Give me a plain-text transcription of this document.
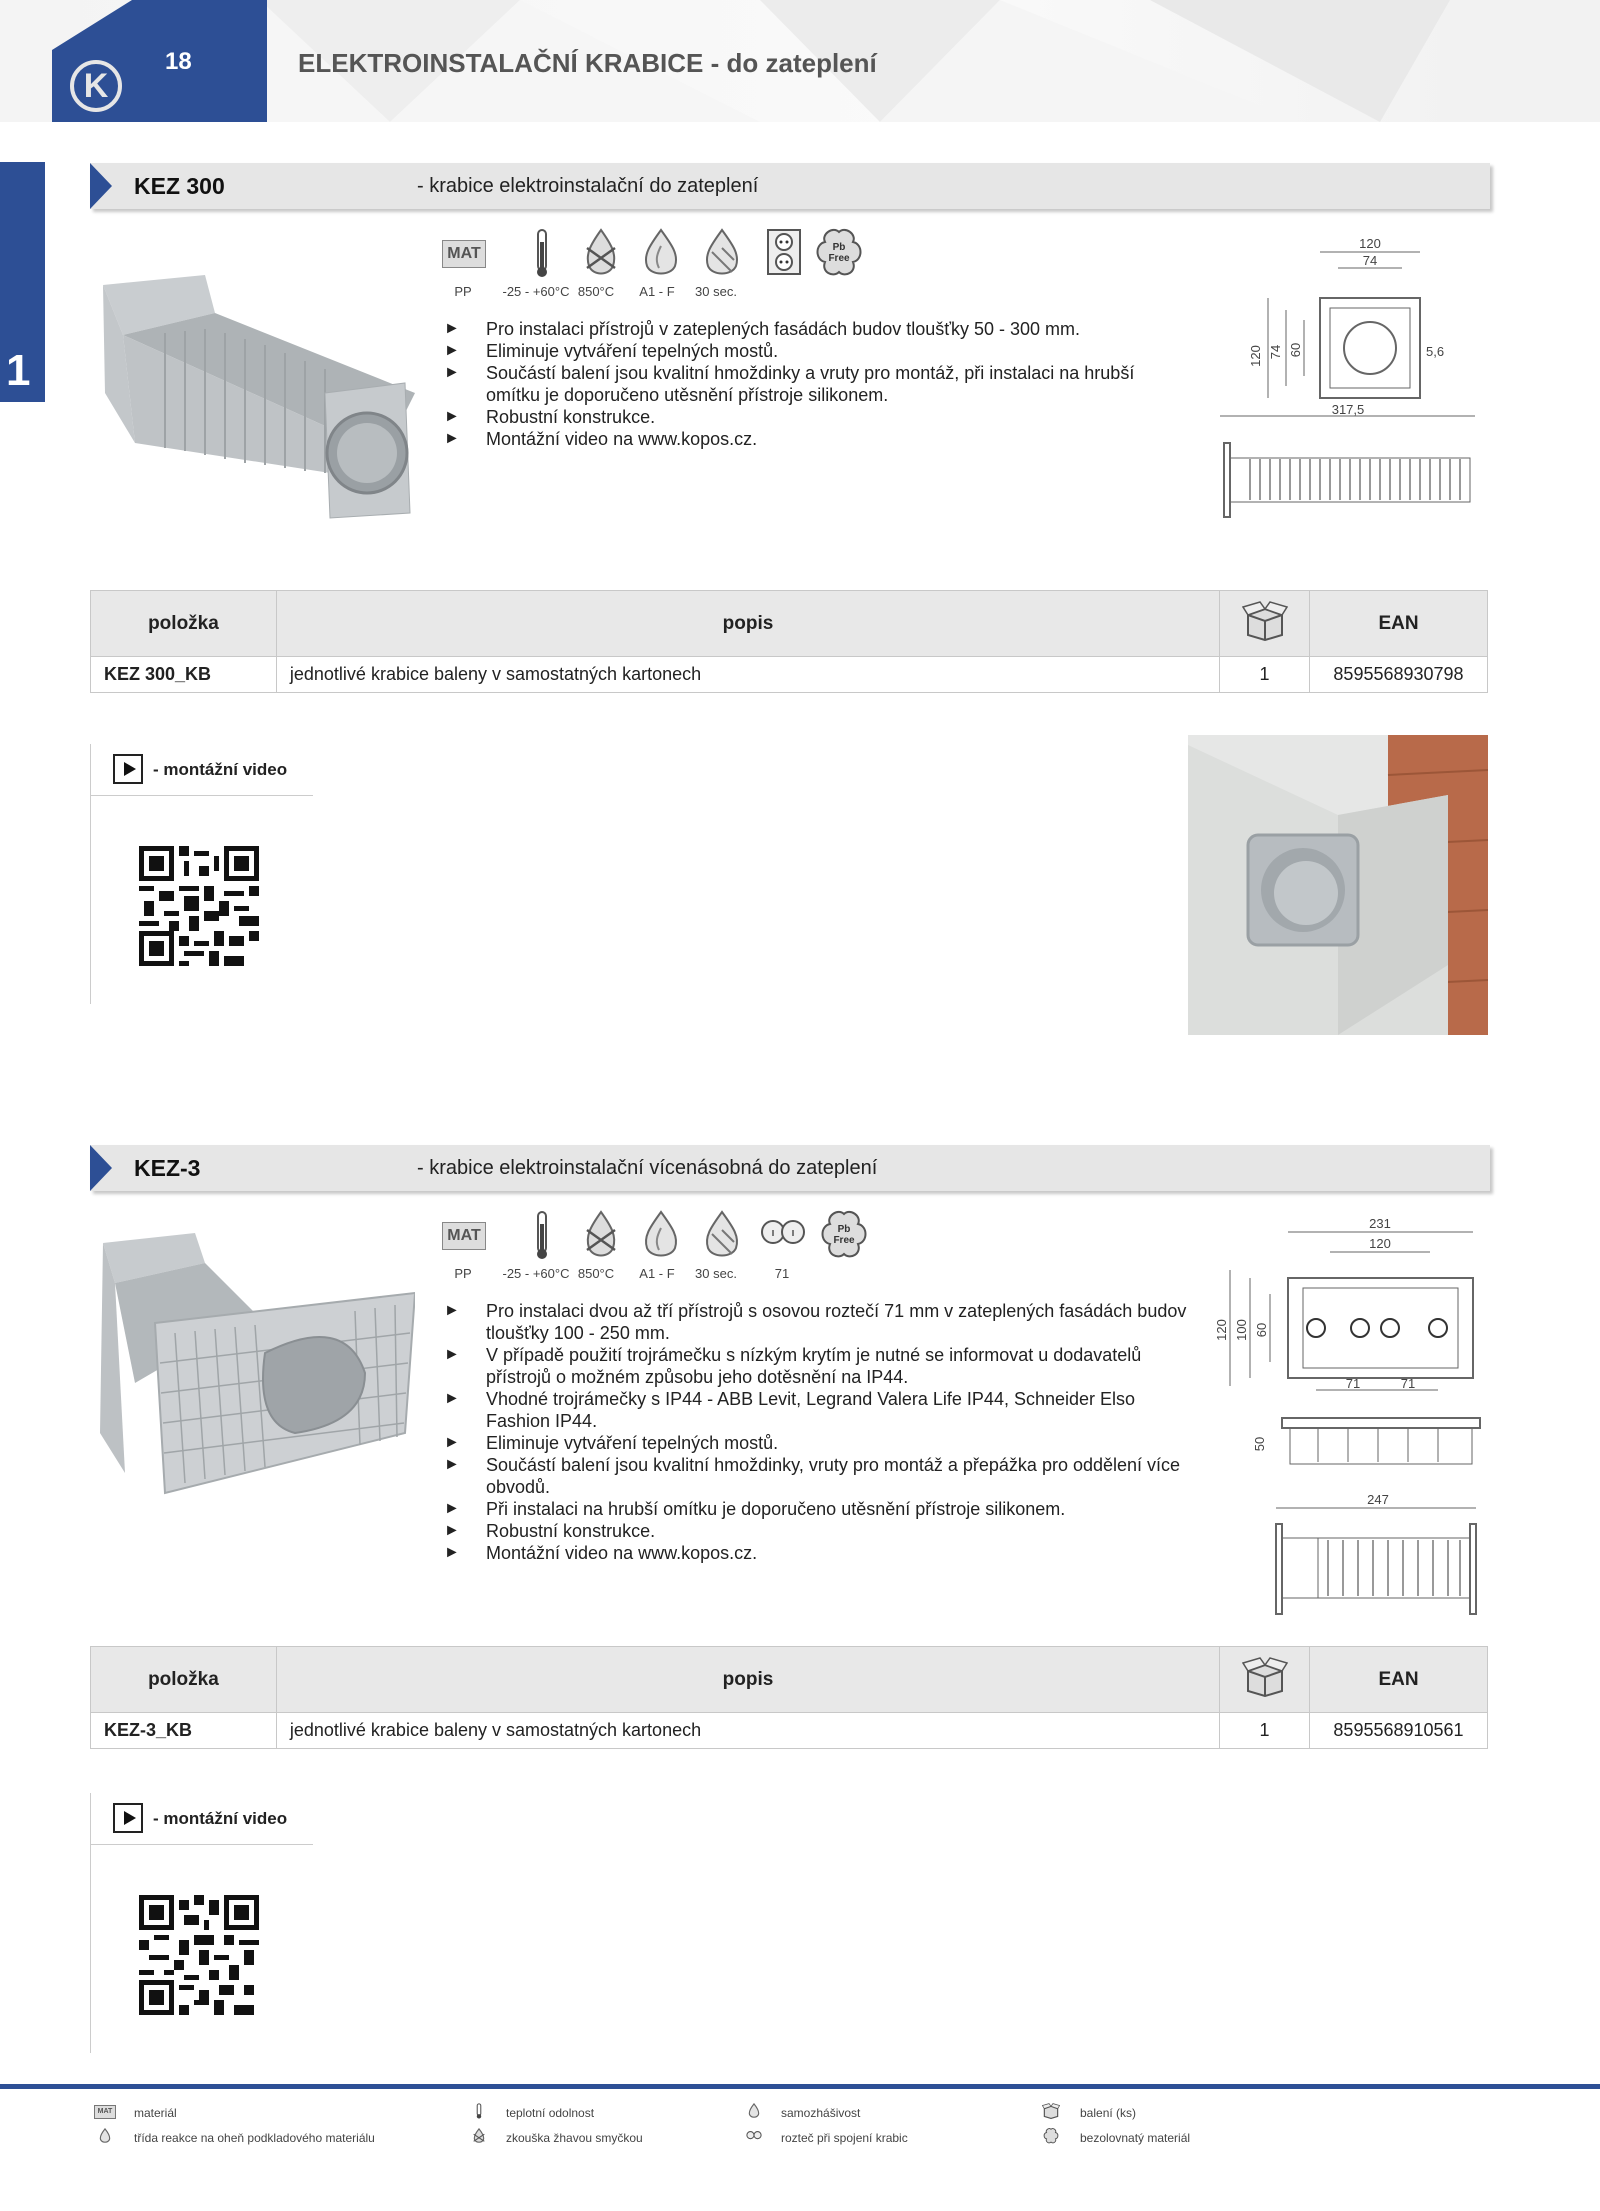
K
18	ELEKTROINSTALAČNÍ KRABICE - do zateplení
1
KEZ 300	- krabice elektroinstalační do zateplení
MAT	Pb
Free
PP	-25 - +60°C 850°C	A1 - F	30 sec.
► Pro instalaci přístrojů v zateplených fasádách budov tloušťky 50 - 300 mm.
► Eliminuje vytváření tepelných mostů.
► Součástí balení jsou kvalitní hmoždinky a vruty pro montáž, při instalaci na hrubší omítku je doporučeno utěsnění přístroje silikonem.
► Robustní konstrukce.
► Montážní video na www.kopos.cz.
120
74
120 74 60	5,6
317,5
položka	popis		EAN
KEZ 300_KB	jednotlivé krabice baleny v samostatných kartonech	1	8595568930798
- montážní video
KEZ-3	- krabice elektroinstalační vícenásobná do zateplení
MAT	Pb
Free
PP	-25 - +60°C 850°C	A1 - F	30 sec.	71
► Pro instalaci dvou až tří přístrojů s osovou roztečí 71 mm v zateplených fasádách budov tloušťky 100 - 250 mm.
► V případě použití trojrámečku s nízkým krytím je nutné se informovat u dodavatelů přístrojů o možném způsobu jeho dotěsnění na IP44.
► Vhodné trojrámečky s IP44 - ABB Levit, Legrand Valera Life IP44, Schneider Elso Fashion IP44.
► Eliminuje vytváření tepelných mostů.
► Součástí balení jsou kvalitní hmoždinky, vruty pro montáž a přepážka pro oddělení více obvodů.
► Při instalaci na hrubší omítku je doporučeno utěsnění přístroje silikonem.
► Robustní konstrukce.
► Montážní video na www.kopos.cz.
231
120
120 100 60
71	71
50
247
položka	popis		EAN
KEZ-3_KB	jednotlivé krabice baleny v samostatných kartonech	1	8595568910561
- montážní video
MAT	materiál
třída reakce na oheň podkladového materiálu
teplotní odolnost
zkouška žhavou smyčkou
samozhášivost
rozteč při spojení krabic
balení (ks)
bezolovnatý materiál
